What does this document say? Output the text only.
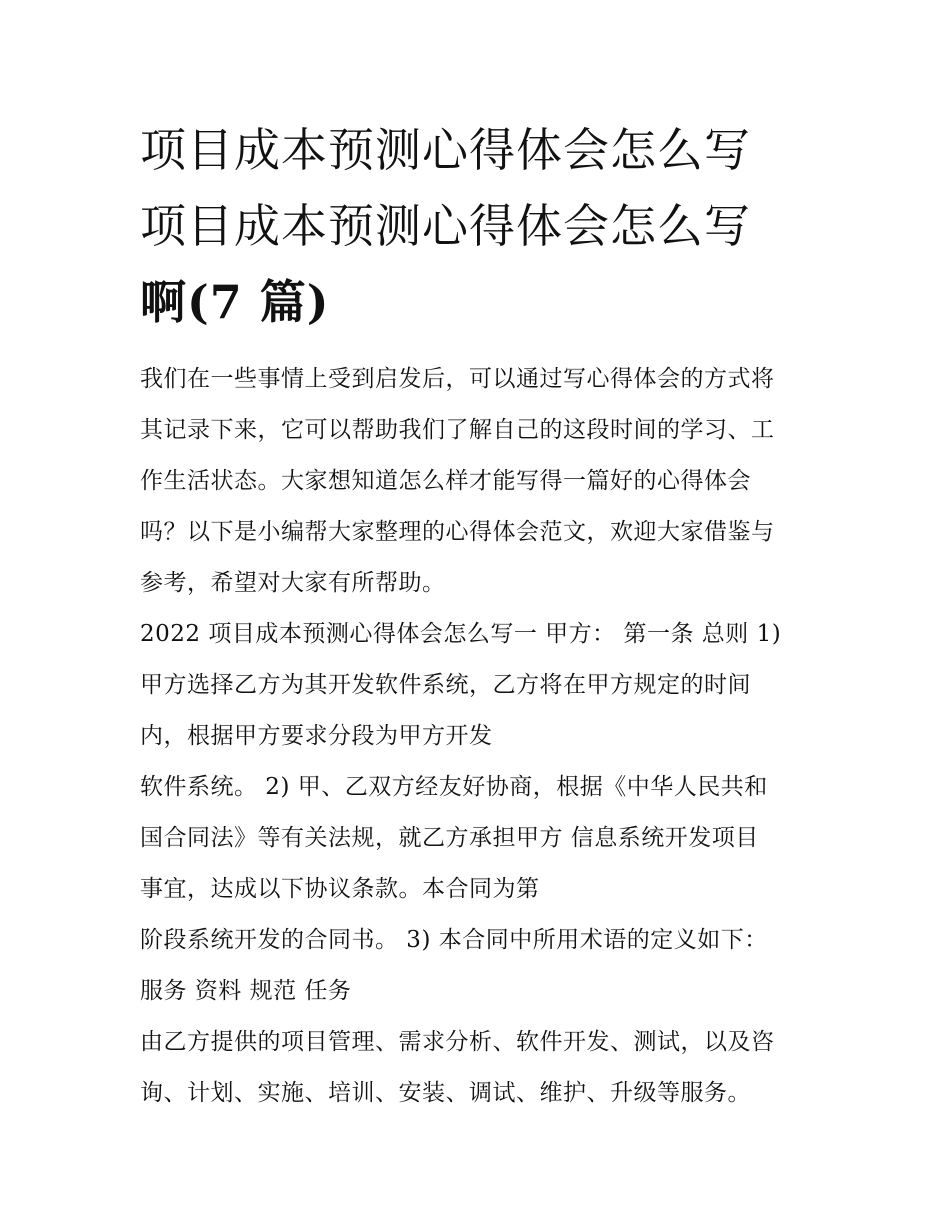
项目成本预测心得体会怎么写
项目成本预测心得体会怎么写
啊(7 篇)

我们在一些事情上受到启发后，可以通过写心得体会的方式将

其记录下来，它可以帮助我们了解自己的这段时间的学习、工

作生活状态。大家想知道怎么样才能写得一篇好的心得体会

吗？以下是小编帮大家整理的心得体会范文，欢迎大家借鉴与

参考，希望对大家有所帮助。

2022 项目成本预测心得体会怎么写一 甲方： 第一条 总则 1)

甲方选择乙方为其开发软件系统，乙方将在甲方规定的时间

内，根据甲方要求分段为甲方开发

软件系统。 2) 甲、乙双方经友好协商，根据《中华人民共和

国合同法》等有关法规，就乙方承担甲方 信息系统开发项目

事宜，达成以下协议条款。本合同为第

阶段系统开发的合同书。 3) 本合同中所用术语的定义如下：

服务 资料 规范 任务

由乙方提供的项目管理、需求分析、软件开发、测试，以及咨

询、计划、实施、培训、安装、调试、维护、升级等服务。
